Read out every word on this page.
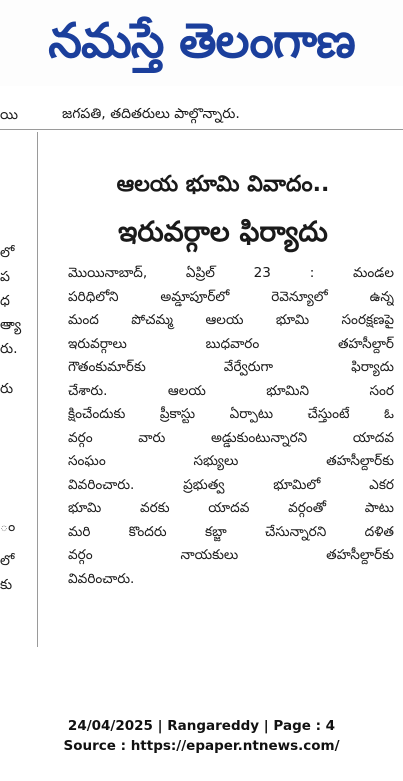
నమస్తే తెలంగాణ
జగపతి, తదితరులు పాల్గొన్నారు.
యి
లో
ప
ధ
ఆ్యా
రు.
రు
ం
లో
కు
ఆలయ భూమి వివాదం..
ఇరువర్గాల ఫిర్యాదు
మొయినాబాద్, ఏప్రిల్ 23 : మండల
పరిధిలోని అమ్డాపూర్‌లో రెవెన్యూలో ఉన్న
మంద పోచమ్మ ఆలయ భూమి సంరక్షణపై
ఇరువర్గాలు బుధవారం తహసీల్దార్
గౌతంకుమార్‌కు వేర్వేరుగా ఫిర్యాదు
చేశారు. ఆలయ భూమిని సంర
క్షించేందుకు ప్రీకాస్టు ఏర్పాటు చేస్తుంటే ఓ
వర్గం వారు అడ్డుకుంటున్నారని యాదవ
సంఘం సభ్యులు తహసీల్దార్‌కు
వివరించారు. ప్రభుత్వ భూమిలో ఎకర
భూమి వరకు యాదవ వర్గంతో పాటు
మరి కొందరు కబ్జా చేసున్నారని దళిత
వర్గం నాయకులు తహసీల్దార్‌కు
వివరించారు.
24/04/2025 | Rangareddy | Page : 4
Source : https://epaper.ntnews.com/
